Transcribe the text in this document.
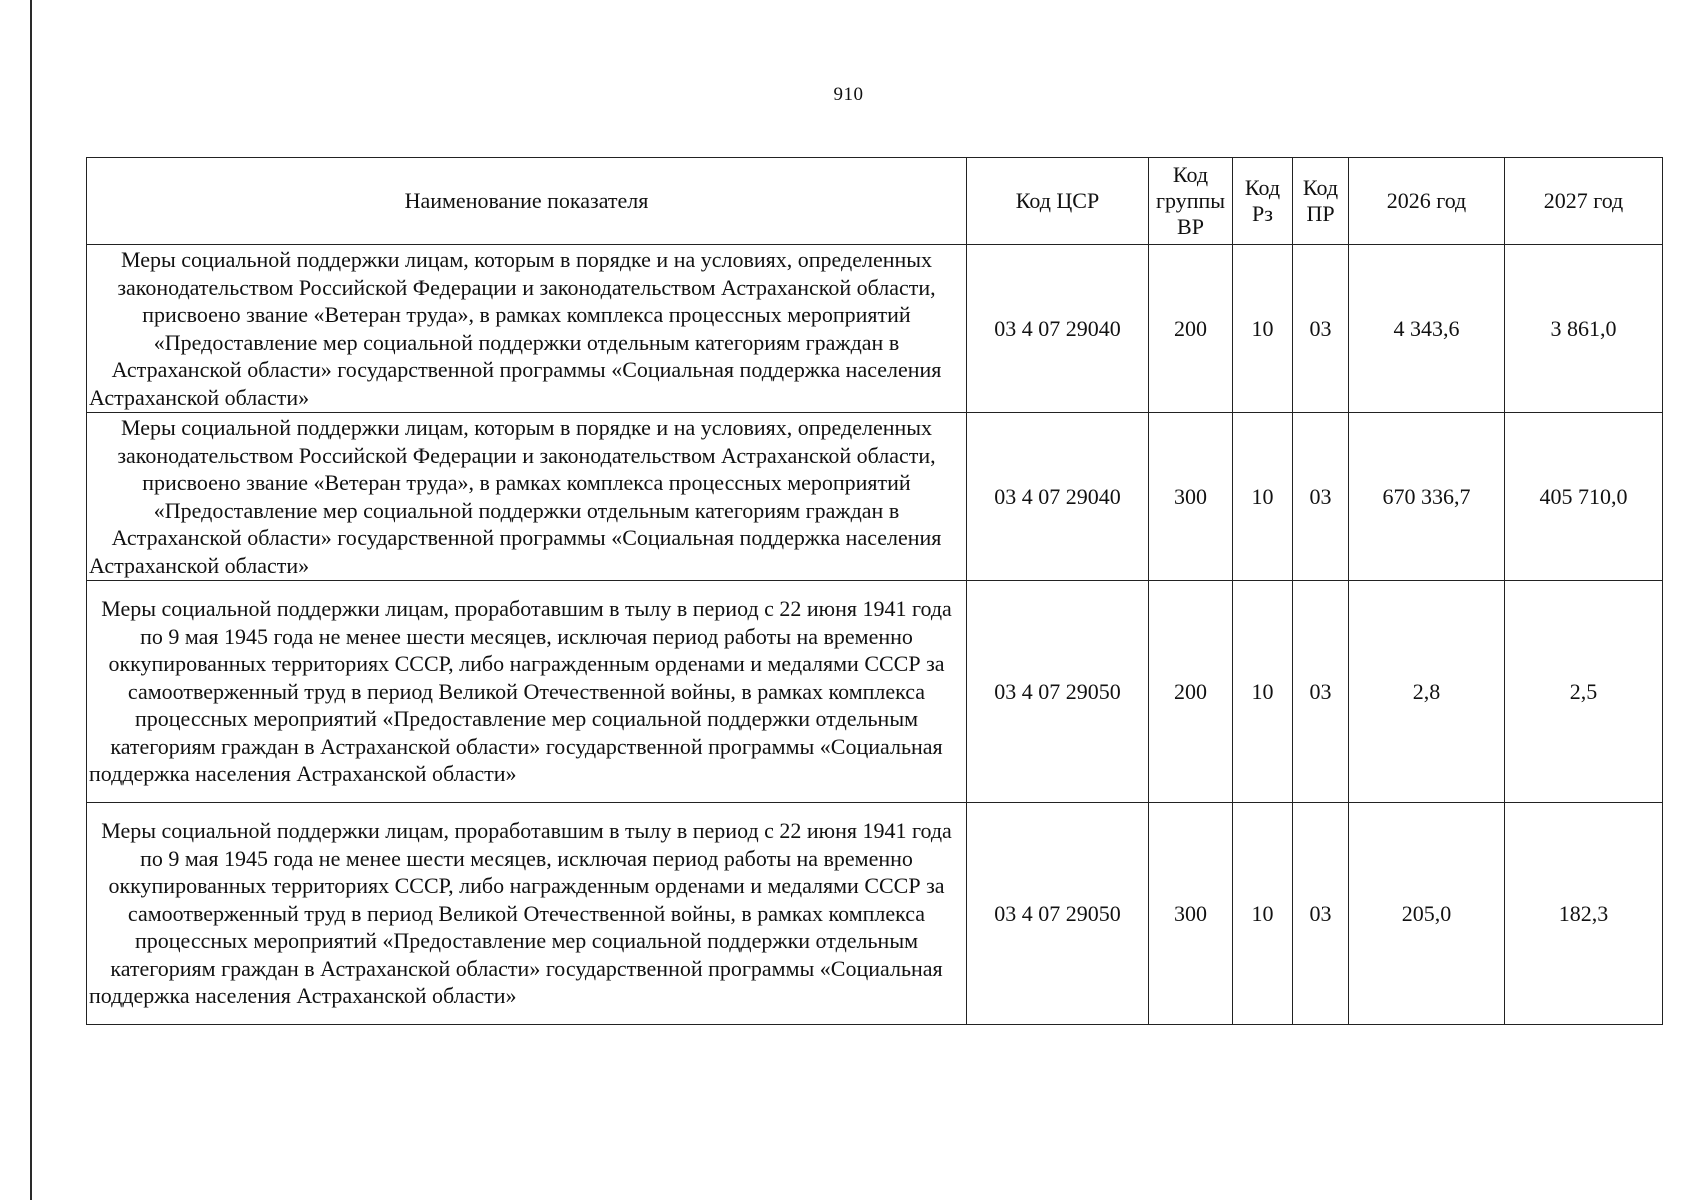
910
Наименование показателя	Код ЦСР	Код группы ВР	Код Рз	Код ПР	2026 год	2027 год
Меры социальной поддержки лицам, которым в порядке и на условиях, определенных законодательством Российской Федерации и законодательством Астраханской области, присвоено звание «Ветеран труда», в рамках комплекса процессных мероприятий «Предоставление мер социальной поддержки отдельным категориям граждан в Астраханской области» государственной программы «Социальная поддержка населения Астраханской области»	03 4 07 29040	200	10	03	4 343,6	3 861,0
Меры социальной поддержки лицам, которым в порядке и на условиях, определенных законодательством Российской Федерации и законодательством Астраханской области, присвоено звание «Ветеран труда», в рамках комплекса процессных мероприятий «Предоставление мер социальной поддержки отдельным категориям граждан в Астраханской области» государственной программы «Социальная поддержка населения Астраханской области»	03 4 07 29040	300	10	03	670 336,7	405 710,0
Меры социальной поддержки лицам, проработавшим в тылу в период с 22 июня 1941 года по 9 мая 1945 года не менее шести месяцев, исключая период работы на временно оккупированных территориях СССР, либо награжденным орденами и медалями СССР за самоотверженный труд в период Великой Отечественной войны, в рамках комплекса процессных мероприятий «Предоставление мер социальной поддержки отдельным категориям граждан в Астраханской области» государственной программы «Социальная поддержка населения Астраханской области»	03 4 07 29050	200	10	03	2,8	2,5
Меры социальной поддержки лицам, проработавшим в тылу в период с 22 июня 1941 года по 9 мая 1945 года не менее шести месяцев, исключая период работы на временно оккупированных территориях СССР, либо награжденным орденами и медалями СССР за самоотверженный труд в период Великой Отечественной войны, в рамках комплекса процессных мероприятий «Предоставление мер социальной поддержки отдельным категориям граждан в Астраханской области» государственной программы «Социальная поддержка населения Астраханской области»	03 4 07 29050	300	10	03	205,0	182,3
